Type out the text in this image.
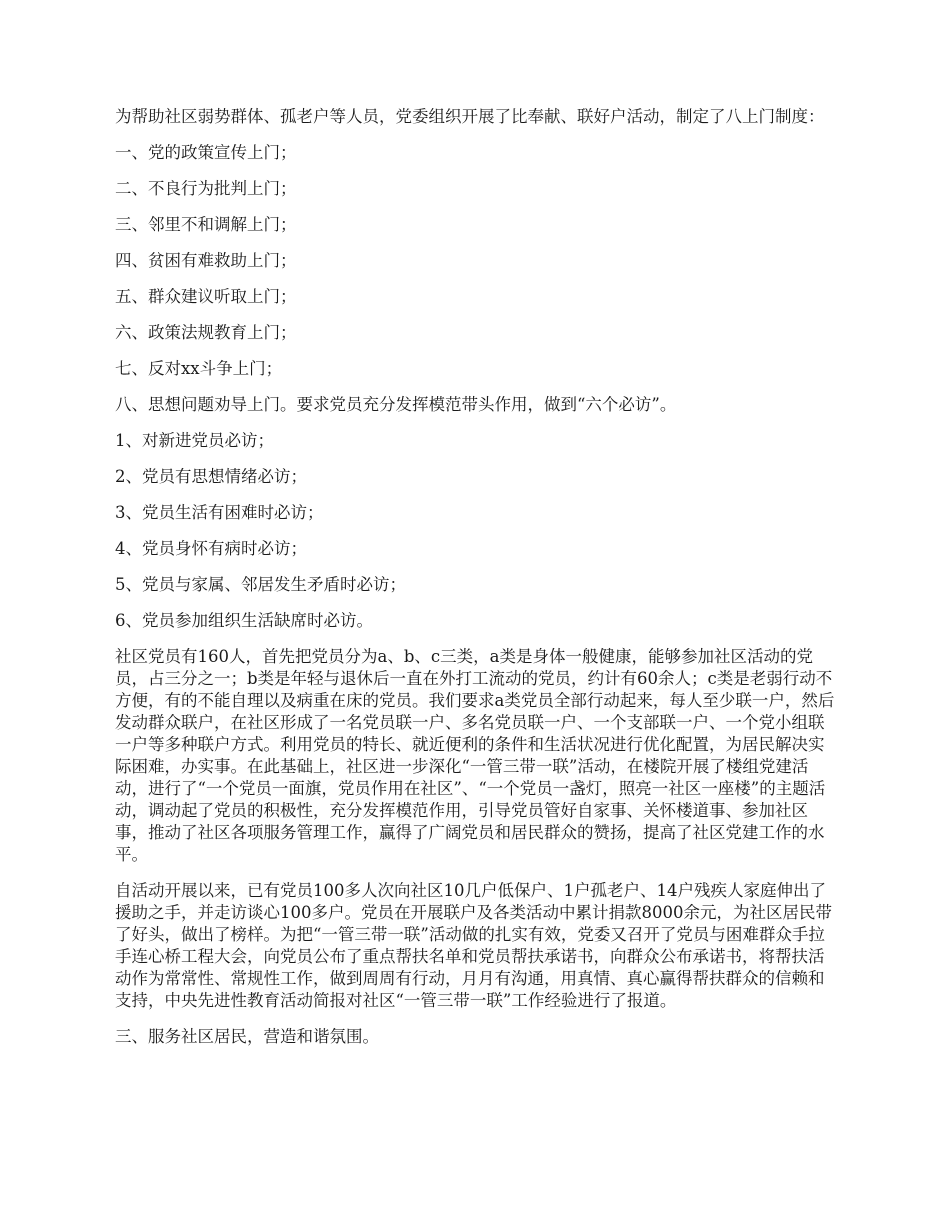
为帮助社区弱势群体、孤老户等人员，党委组织开展了比奉献、联好户活动，制定了八上门制度：

一、党的政策宣传上门；

二、不良行为批判上门；

三、邻里不和调解上门；

四、贫困有难救助上门；

五、群众建议听取上门；

六、政策法规教育上门；

七、反对xx斗争上门；

八、思想问题劝导上门。要求党员充分发挥模范带头作用，做到“六个必访”。

1、对新进党员必访；

2、党员有思想情绪必访；

3、党员生活有困难时必访；

4、党员身怀有病时必访；

5、党员与家属、邻居发生矛盾时必访；

6、党员参加组织生活缺席时必访。

社区党员有160人，首先把党员分为a、b、c三类，a类是身体一般健康，能够参加社区活动的党员，占三分之一；b类是年轻与退休后一直在外打工流动的党员，约计有60余人；c类是老弱行动不方便，有的不能自理以及病重在床的党员。我们要求a类党员全部行动起来，每人至少联一户，然后发动群众联户，在社区形成了一名党员联一户、多名党员联一户、一个支部联一户、一个党小组联一户等多种联户方式。利用党员的特长、就近便利的条件和生活状况进行优化配置，为居民解决实际困难，办实事。在此基础上，社区进一步深化“一管三带一联”活动，在楼院开展了楼组党建活动，进行了“一个党员一面旗，党员作用在社区”、“一个党员一盏灯，照亮一社区一座楼”的主题活动，调动起了党员的积极性，充分发挥模范作用，引导党员管好自家事、关怀楼道事、参加社区事，推动了社区各项服务管理工作，赢得了广阔党员和居民群众的赞扬，提高了社区党建工作的水平。

自活动开展以来，已有党员100多人次向社区10几户低保户、1户孤老户、14户残疾人家庭伸出了援助之手，并走访谈心100多户。党员在开展联户及各类活动中累计捐款8000余元，为社区居民带了好头，做出了榜样。为把“一管三带一联”活动做的扎实有效，党委又召开了党员与困难群众手拉手连心桥工程大会，向党员公布了重点帮扶名单和党员帮扶承诺书，向群众公布承诺书，将帮扶活动作为常常性、常规性工作，做到周周有行动，月月有沟通，用真情、真心赢得帮扶群众的信赖和支持，中央先进性教育活动简报对社区“一管三带一联”工作经验进行了报道。

三、服务社区居民，营造和谐氛围。
